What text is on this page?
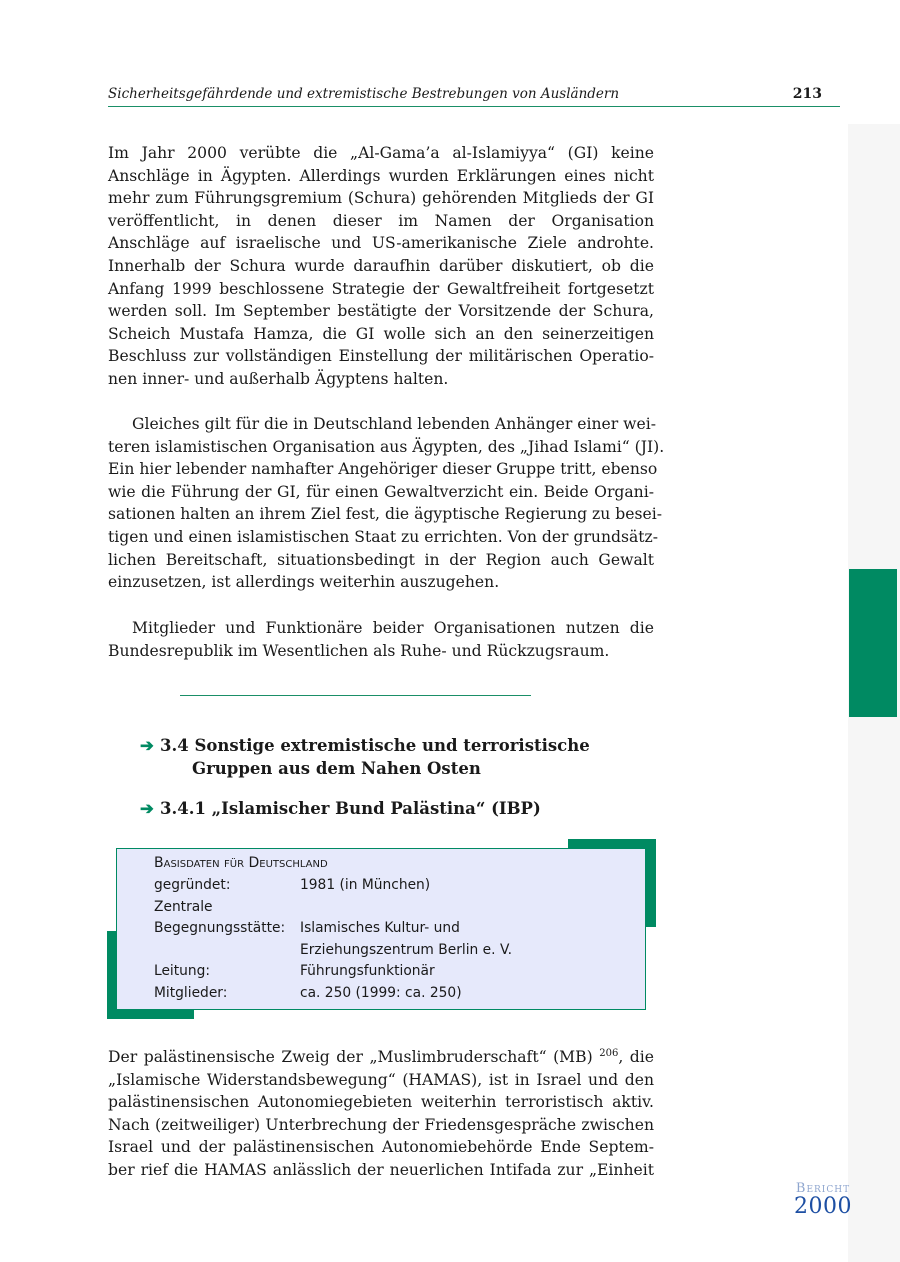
Sicherheitsgefährdende und extremistische Bestrebungen von Ausländern	213
Im Jahr 2000 verübte die „Al-Gama’a al-Islamiyya“ (GI) keine
Anschläge in Ägypten. Allerdings wurden Erklärungen eines nicht
mehr zum Führungsgremium (Schura) gehörenden Mitglieds der GI
veröffentlicht, in denen dieser im Namen der Organisation
Anschläge auf israelische und US-amerikanische Ziele androhte.
Innerhalb der Schura wurde daraufhin darüber diskutiert, ob die
Anfang 1999 beschlossene Strategie der Gewaltfreiheit fortgesetzt
werden soll. Im September bestätigte der Vorsitzende der Schura,
Scheich Mustafa Hamza, die GI wolle sich an den seinerzeitigen
Beschluss zur vollständigen Einstellung der militärischen Operatio-
nen inner- und außerhalb Ägyptens halten.
Gleiches gilt für die in Deutschland lebenden Anhänger einer wei-
teren islamistischen Organisation aus Ägypten, des „Jihad Islami“ (JI).
Ein hier lebender namhafter Angehöriger dieser Gruppe tritt, ebenso
wie die Führung der GI, für einen Gewaltverzicht ein. Beide Organi-
sationen halten an ihrem Ziel fest, die ägyptische Regierung zu besei-
tigen und einen islamistischen Staat zu errichten. Von der grundsätz-
lichen Bereitschaft, situationsbedingt in der Region auch Gewalt
einzusetzen, ist allerdings weiterhin auszugehen.
Mitglieder und Funktionäre beider Organisationen nutzen die
Bundesrepublik im Wesentlichen als Ruhe- und Rückzugsraum.
➔ 3.4 Sonstige extremistische und terroristische
Gruppen aus dem Nahen Osten
➔ 3.4.1 „Islamischer Bund Palästina“ (IBP)
Basisdaten für Deutschland
gegründet:	1981 (in München)
Zentrale
Begegnungsstätte: Islamisches Kultur- und
Erziehungszentrum Berlin e. V.
Leitung:	Führungsfunktionär
Mitglieder:	ca. 250 (1999: ca. 250)
Der palästinensische Zweig der „Muslimbruderschaft“ (MB) $^{206}$, die
„Islamische Widerstandsbewegung“ (HAMAS), ist in Israel und den
palästinensischen Autonomiegebieten weiterhin terroristisch aktiv.
Nach (zeitweiliger) Unterbrechung der Friedensgespräche zwischen
Israel und der palästinensischen Autonomiebehörde Ende Septem-
ber rief die HAMAS anlässlich der neuerlichen Intifada zur „Einheit
Bericht
2000
